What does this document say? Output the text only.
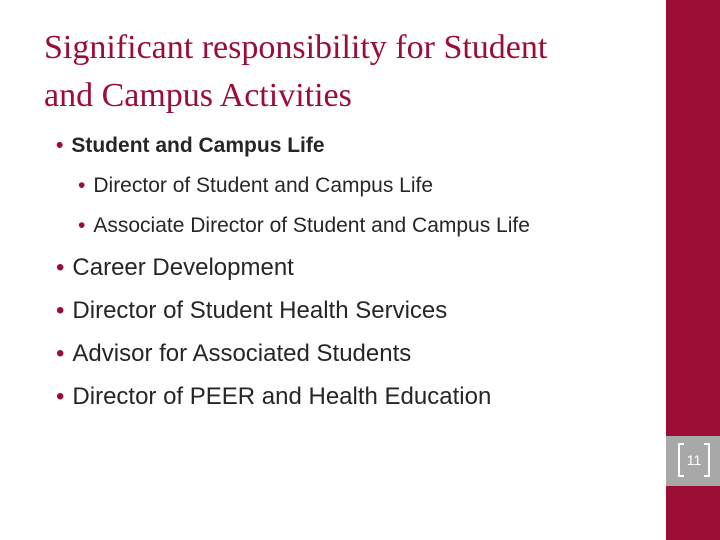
11
Significant responsibility for Student
and Campus Activities
• Student and Campus Life
• Director of Student and Campus Life
• Associate Director of Student and Campus Life
• Career Development
• Director of Student Health Services
• Advisor for Associated Students
• Director of PEER and Health Education
